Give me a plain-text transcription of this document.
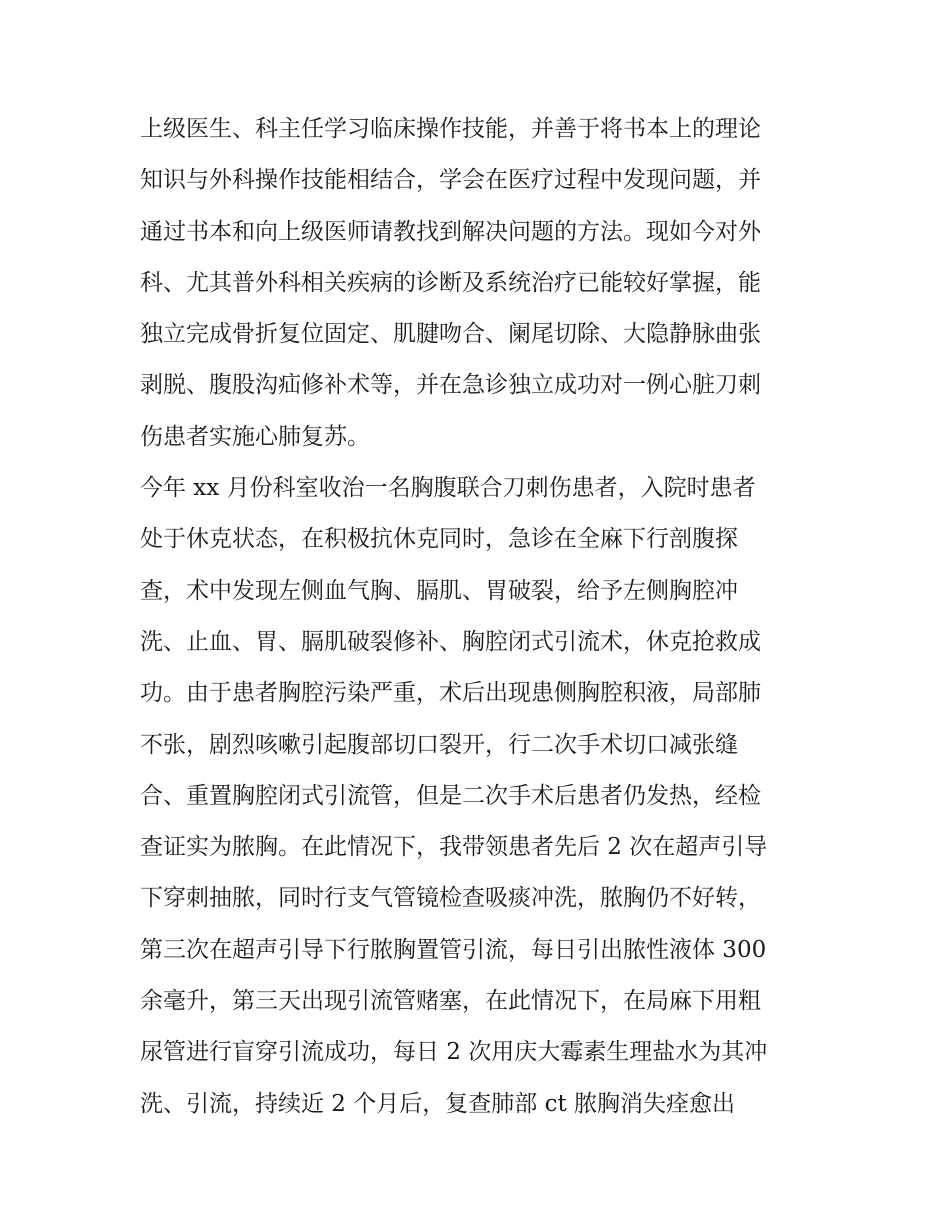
上级医生、科主任学习临床操作技能，并善于将书本上的理论

知识与外科操作技能相结合，学会在医疗过程中发现问题，并

通过书本和向上级医师请教找到解决问题的方法。现如今对外

科、尤其普外科相关疾病的诊断及系统治疗已能较好掌握，能

独立完成骨折复位固定、肌腱吻合、阑尾切除、大隐静脉曲张

剥脱、腹股沟疝修补术等，并在急诊独立成功对一例心脏刀刺

伤患者实施心肺复苏。

今年 xx 月份科室收治一名胸腹联合刀刺伤患者，入院时患者

处于休克状态，在积极抗休克同时，急诊在全麻下行剖腹探

查，术中发现左侧血气胸、膈肌、胃破裂，给予左侧胸腔冲

洗、止血、胃、膈肌破裂修补、胸腔闭式引流术，休克抢救成

功。由于患者胸腔污染严重，术后出现患侧胸腔积液，局部肺

不张，剧烈咳嗽引起腹部切口裂开，行二次手术切口减张缝

合、重置胸腔闭式引流管，但是二次手术后患者仍发热，经检

查证实为脓胸。在此情况下，我带领患者先后 2 次在超声引导

下穿刺抽脓，同时行支气管镜检查吸痰冲洗，脓胸仍不好转，

第三次在超声引导下行脓胸置管引流，每日引出脓性液体 300

余毫升，第三天出现引流管赌塞，在此情况下，在局麻下用粗

尿管进行盲穿引流成功，每日 2 次用庆大霉素生理盐水为其冲

洗、引流，持续近 2 个月后，复查肺部 ct 脓胸消失痊愈出
